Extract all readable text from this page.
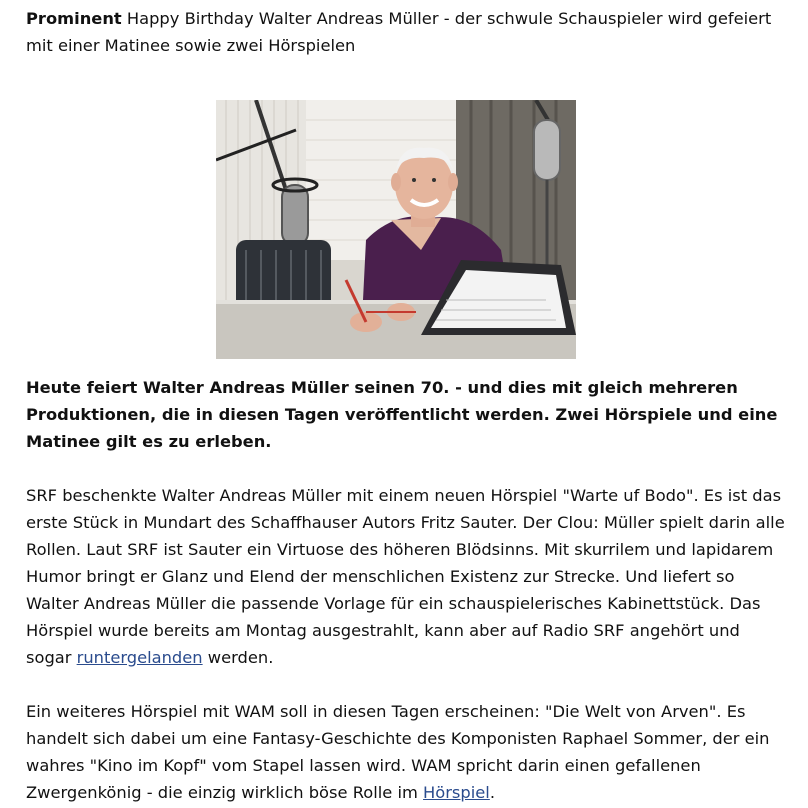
Prominent Happy Birthday Walter Andreas Müller - der schwule Schauspieler wird gefeiert mit einer Matinee sowie zwei Hörspielen

Heute feiert Walter Andreas Müller seinen 70. - und dies mit gleich mehreren Produktionen, die in diesen Tagen veröffentlicht werden. Zwei Hörspiele und eine Matinee gilt es zu erleben.

SRF beschenkte Walter Andreas Müller mit einem neuen Hörspiel "Warte uf Bodo". Es ist das erste Stück in Mundart des Schaffhauser Autors Fritz Sauter. Der Clou: Müller spielt darin alle Rollen. Laut SRF ist Sauter ein Virtuose des höheren Blödsinns. Mit skurrilem und lapidarem Humor bringt er Glanz und Elend der menschlichen Existenz zur Strecke. Und liefert so Walter Andreas Müller die passende Vorlage für ein schauspielerisches Kabinettstück. Das Hörspiel wurde bereits am Montag ausgestrahlt, kann aber auf Radio SRF angehört und sogar runtergelanden werden.

Ein weiteres Hörspiel mit WAM soll in diesen Tagen erscheinen: "Die Welt von Arven". Es handelt sich dabei um eine Fantasy-Geschichte des Komponisten Raphael Sommer, der ein wahres "Kino im Kopf" vom Stapel lassen wird. WAM spricht darin einen gefallenen Zwergenkönig - die einzig wirklich böse Rolle im Hörspiel.
